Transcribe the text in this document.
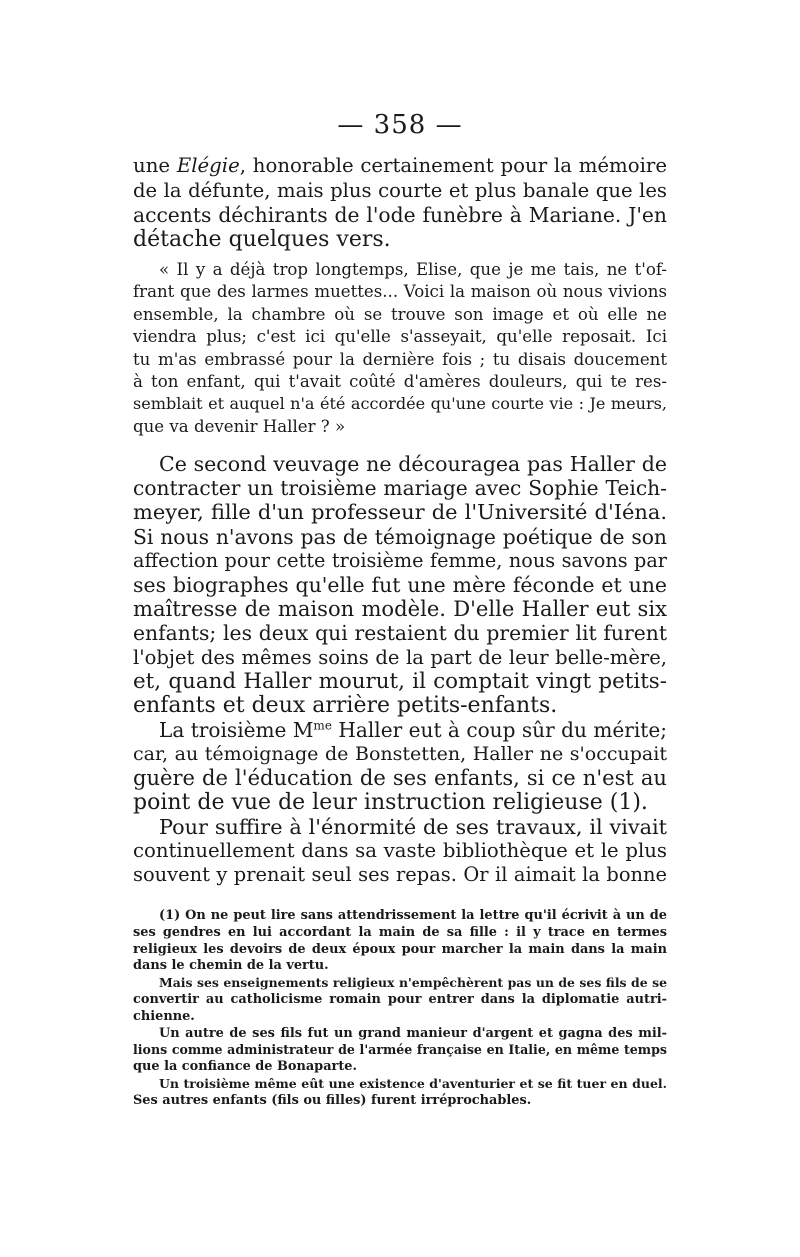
— 358 —
une Elégie, honorable certainement pour la mémoire
de la défunte, mais plus courte et plus banale que les
accents déchirants de l'ode funèbre à Mariane. J'en
détache quelques vers.
« Il y a déjà trop longtemps, Elise, que je me tais, ne t'of-
frant que des larmes muettes... Voici la maison où nous vivions
ensemble, la chambre où se trouve son image et où elle ne
viendra plus; c'est ici qu'elle s'asseyait, qu'elle reposait. Ici
tu m'as embrassé pour la dernière fois ; tu disais doucement
à ton enfant, qui t'avait coûté d'amères douleurs, qui te res-
semblait et auquel n'a été accordée qu'une courte vie : Je meurs,
que va devenir Haller ? »
Ce second veuvage ne découragea pas Haller de
contracter un troisième mariage avec Sophie Teich-
meyer, fille d'un professeur de l'Université d'Iéna.
Si nous n'avons pas de témoignage poétique de son
affection pour cette troisième femme, nous savons par
ses biographes qu'elle fut une mère féconde et une
maîtresse de maison modèle. D'elle Haller eut six
enfants; les deux qui restaient du premier lit furent
l'objet des mêmes soins de la part de leur belle-mère,
et, quand Haller mourut, il comptait vingt petits-
enfants et deux arrière petits-enfants.
La troisième $M^{me}$ Haller eut à coup sûr du mérite;
car, au témoignage de Bonstetten, Haller ne s'occupait
guère de l'éducation de ses enfants, si ce n'est au
point de vue de leur instruction religieuse (1).
Pour suffire à l'énormité de ses travaux, il vivait
continuellement dans sa vaste bibliothèque et le plus
souvent y prenait seul ses repas. Or il aimait la bonne
(1) On ne peut lire sans attendrissement la lettre qu'il écrivit à un de
ses gendres en lui accordant la main de sa fille : il y trace en termes
religieux les devoirs de deux époux pour marcher la main dans la main
dans le chemin de la vertu.
Mais ses enseignements religieux n'empêchèrent pas un de ses fils de se
convertir au catholicisme romain pour entrer dans la diplomatie autri-
chienne.
Un autre de ses fils fut un grand manieur d'argent et gagna des mil-
lions comme administrateur de l'armée française en Italie, en même temps
que la confiance de Bonaparte.
Un troisième même eût une existence d'aventurier et se fit tuer en duel.
Ses autres enfants (fils ou filles) furent irréprochables.
